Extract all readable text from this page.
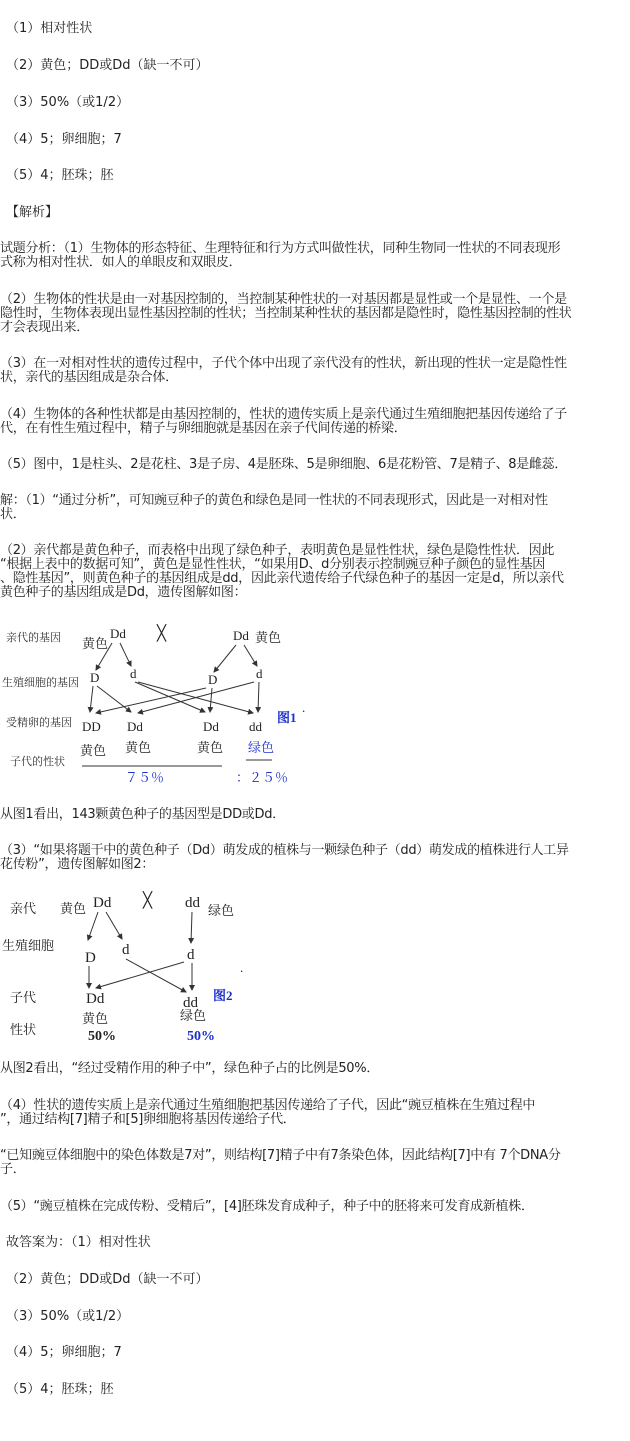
（1）相对性状
（2）黄色；DD或Dd（缺一不可）
（3）50%（或1/2）
（4）5；卵细胞；7
（5）4；胚珠；胚
【解析】
试题分析：（1）生物体的形态特征、生理特征和行为方式叫做性状，同种生物同一性状的不同表现形
式称为相对性状．如人的单眼皮和双眼皮．
（2）生物体的性状是由一对基因控制的，当控制某种性状的一对基因都是显性或一个是显性、一个是
隐性时，生物体表现出显性基因控制的性状；当控制某种性状的基因都是隐性时，隐性基因控制的性状
才会表现出来．
（3）在一对相对性状的遗传过程中，子代个体中出现了亲代没有的性状，新出现的性状一定是隐性性
状，亲代的基因组成是杂合体．
（4）生物体的各种性状都是由基因控制的，性状的遗传实质上是亲代通过生殖细胞把基因传递给了子
代，在有性生殖过程中，精子与卵细胞就是基因在亲子代间传递的桥梁．
（5）图中，1是柱头、2是花柱、3是子房、4是胚珠、5是卵细胞、6是花粉管、7是精子、8是雌蕊．
解：（1）“通过分析”，可知豌豆种子的黄色和绿色是同一性状的不同表现形式，因此是一对相对性
状．
（2）亲代都是黄色种子，而表格中出现了绿色种子，表明黄色是显性性状，绿色是隐性性状．因此
“根据上表中的数据可知”，黄色是显性性状，“如果用D、d分别表示控制豌豆种子颜色的显性基因
、隐性基因”，则黄色种子的基因组成是dd，因此亲代遗传给子代绿色种子的基因一定是d，所以亲代
黄色种子的基因组成是Dd，遗传图解如图：
亲代的基因
生殖细胞的基因
受精卵的基因
子代的性状
黄色
Dd ╳	Dd 黄色
D d	D	d
DD Dd	Dd dd
图1
.
黄色 黄色	黄色 绿色
７５％	：２５％
从图1看出，143颗黄色种子的基因型是DD或Dd．
（3）“如果将题干中的黄色种子（Dd）萌发成的植株与一颗绿色种子（dd）萌发成的植株进行人工异
花传粉”，遗传图解如图2：
亲代
生殖细胞
子代
性状
黄色 Dd ╳ dd 绿色
D d	d
Dd	dd 图2
.
黄色	绿色
50%	50%
从图2看出，“经过受精作用的种子中”，绿色种子占的比例是50%．
（4）性状的遗传实质上是亲代通过生殖细胞把基因传递给了子代，因此“豌豆植株在生殖过程中
”，通过结构[7]精子和[5]卵细胞将基因传递给子代．
“已知豌豆体细胞中的染色体数是7对”，则结构[7]精子中有7条染色体，因此结构[7]中有 7个DNA分
子．
（5）“豌豆植株在完成传粉、受精后”，[4]胚珠发育成种子，种子中的胚将来可发育成新植株．
故答案为：（1）相对性状
（2）黄色；DD或Dd（缺一不可）
（3）50%（或1/2）
（4）5；卵细胞；7
（5）4；胚珠；胚
